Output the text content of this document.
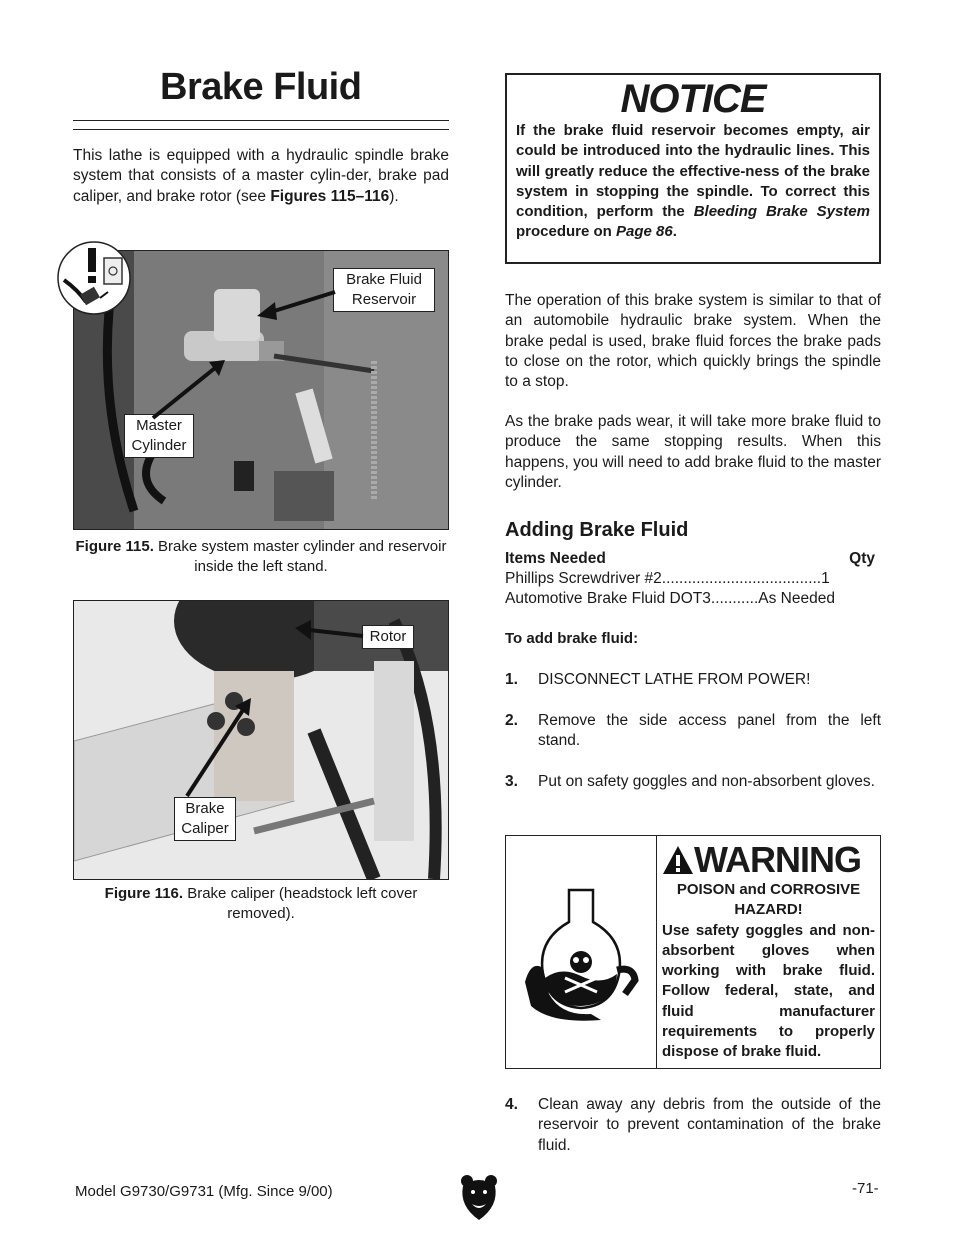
Brake Fluid

This lathe is equipped with a hydraulic spindle brake system that consists of a master cylin-der, brake pad caliper, and brake rotor (see Figures 115–116).

Brake Fluid
Reservoir
Master
Cylinder
Figure 115. Brake system master cylinder and reservoir inside the left stand.
Rotor
Brake
Caliper
Figure 116. Brake caliper (headstock left cover removed).
NOTICE
If the brake fluid reservoir becomes empty, air could be introduced into the hydraulic lines. This will greatly reduce the effective-ness of the brake system in stopping the spindle. To correct this condition, perform the Bleeding Brake System procedure on Page 86.

The operation of this brake system is similar to that of an automobile hydraulic brake system. When the brake pedal is used, brake fluid forces the brake pads to close on the rotor, which quickly brings the spindle to a stop.

As the brake pads wear, it will take more brake fluid to produce the same stopping results. When this happens, you will need to add brake fluid to the master cylinder.

Adding Brake Fluid
Items Needed	Qty
Phillips Screwdriver #2 ..................................... 1
Automotive Brake Fluid DOT3 ........... As Needed
To add brake fluid:
1.	DISCONNECT LATHE FROM POWER!
2.	Remove the side access panel from the left stand.
3.	Put on safety goggles and non-absorbent gloves.
WARNING
POISON and CORROSIVE HAZARD!
Use safety goggles and non-absorbent gloves when working with brake fluid. Follow federal, state, and fluid manufacturer requirements to properly dispose of brake fluid.
4.	Clean away any debris from the outside of the reservoir to prevent contamination of the brake fluid.
Model G9730/G9731 (Mfg. Since 9/00)	-71-
